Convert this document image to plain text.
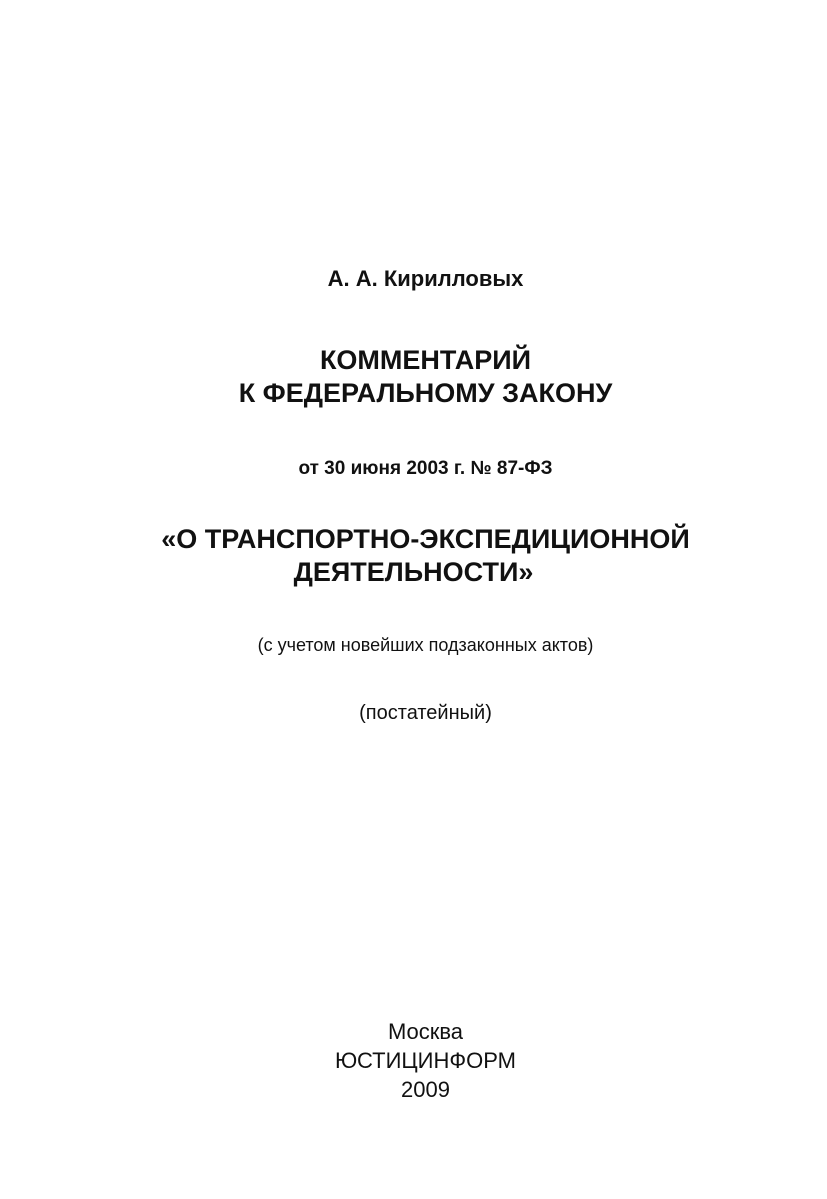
А. А. Кирилловых
КОММЕНТАРИЙ
К ФЕДЕРАЛЬНОМУ ЗАКОНУ
от 30 июня 2003 г. № 87-ФЗ
«О ТРАНСПОРТНО-ЭКСПЕДИЦИОННОЙ
ДЕЯТЕЛЬНОСТИ»
(с учетом новейших подзаконных актов)
(постатейный)
Москва
ЮСТИЦИНФОРМ
2009
